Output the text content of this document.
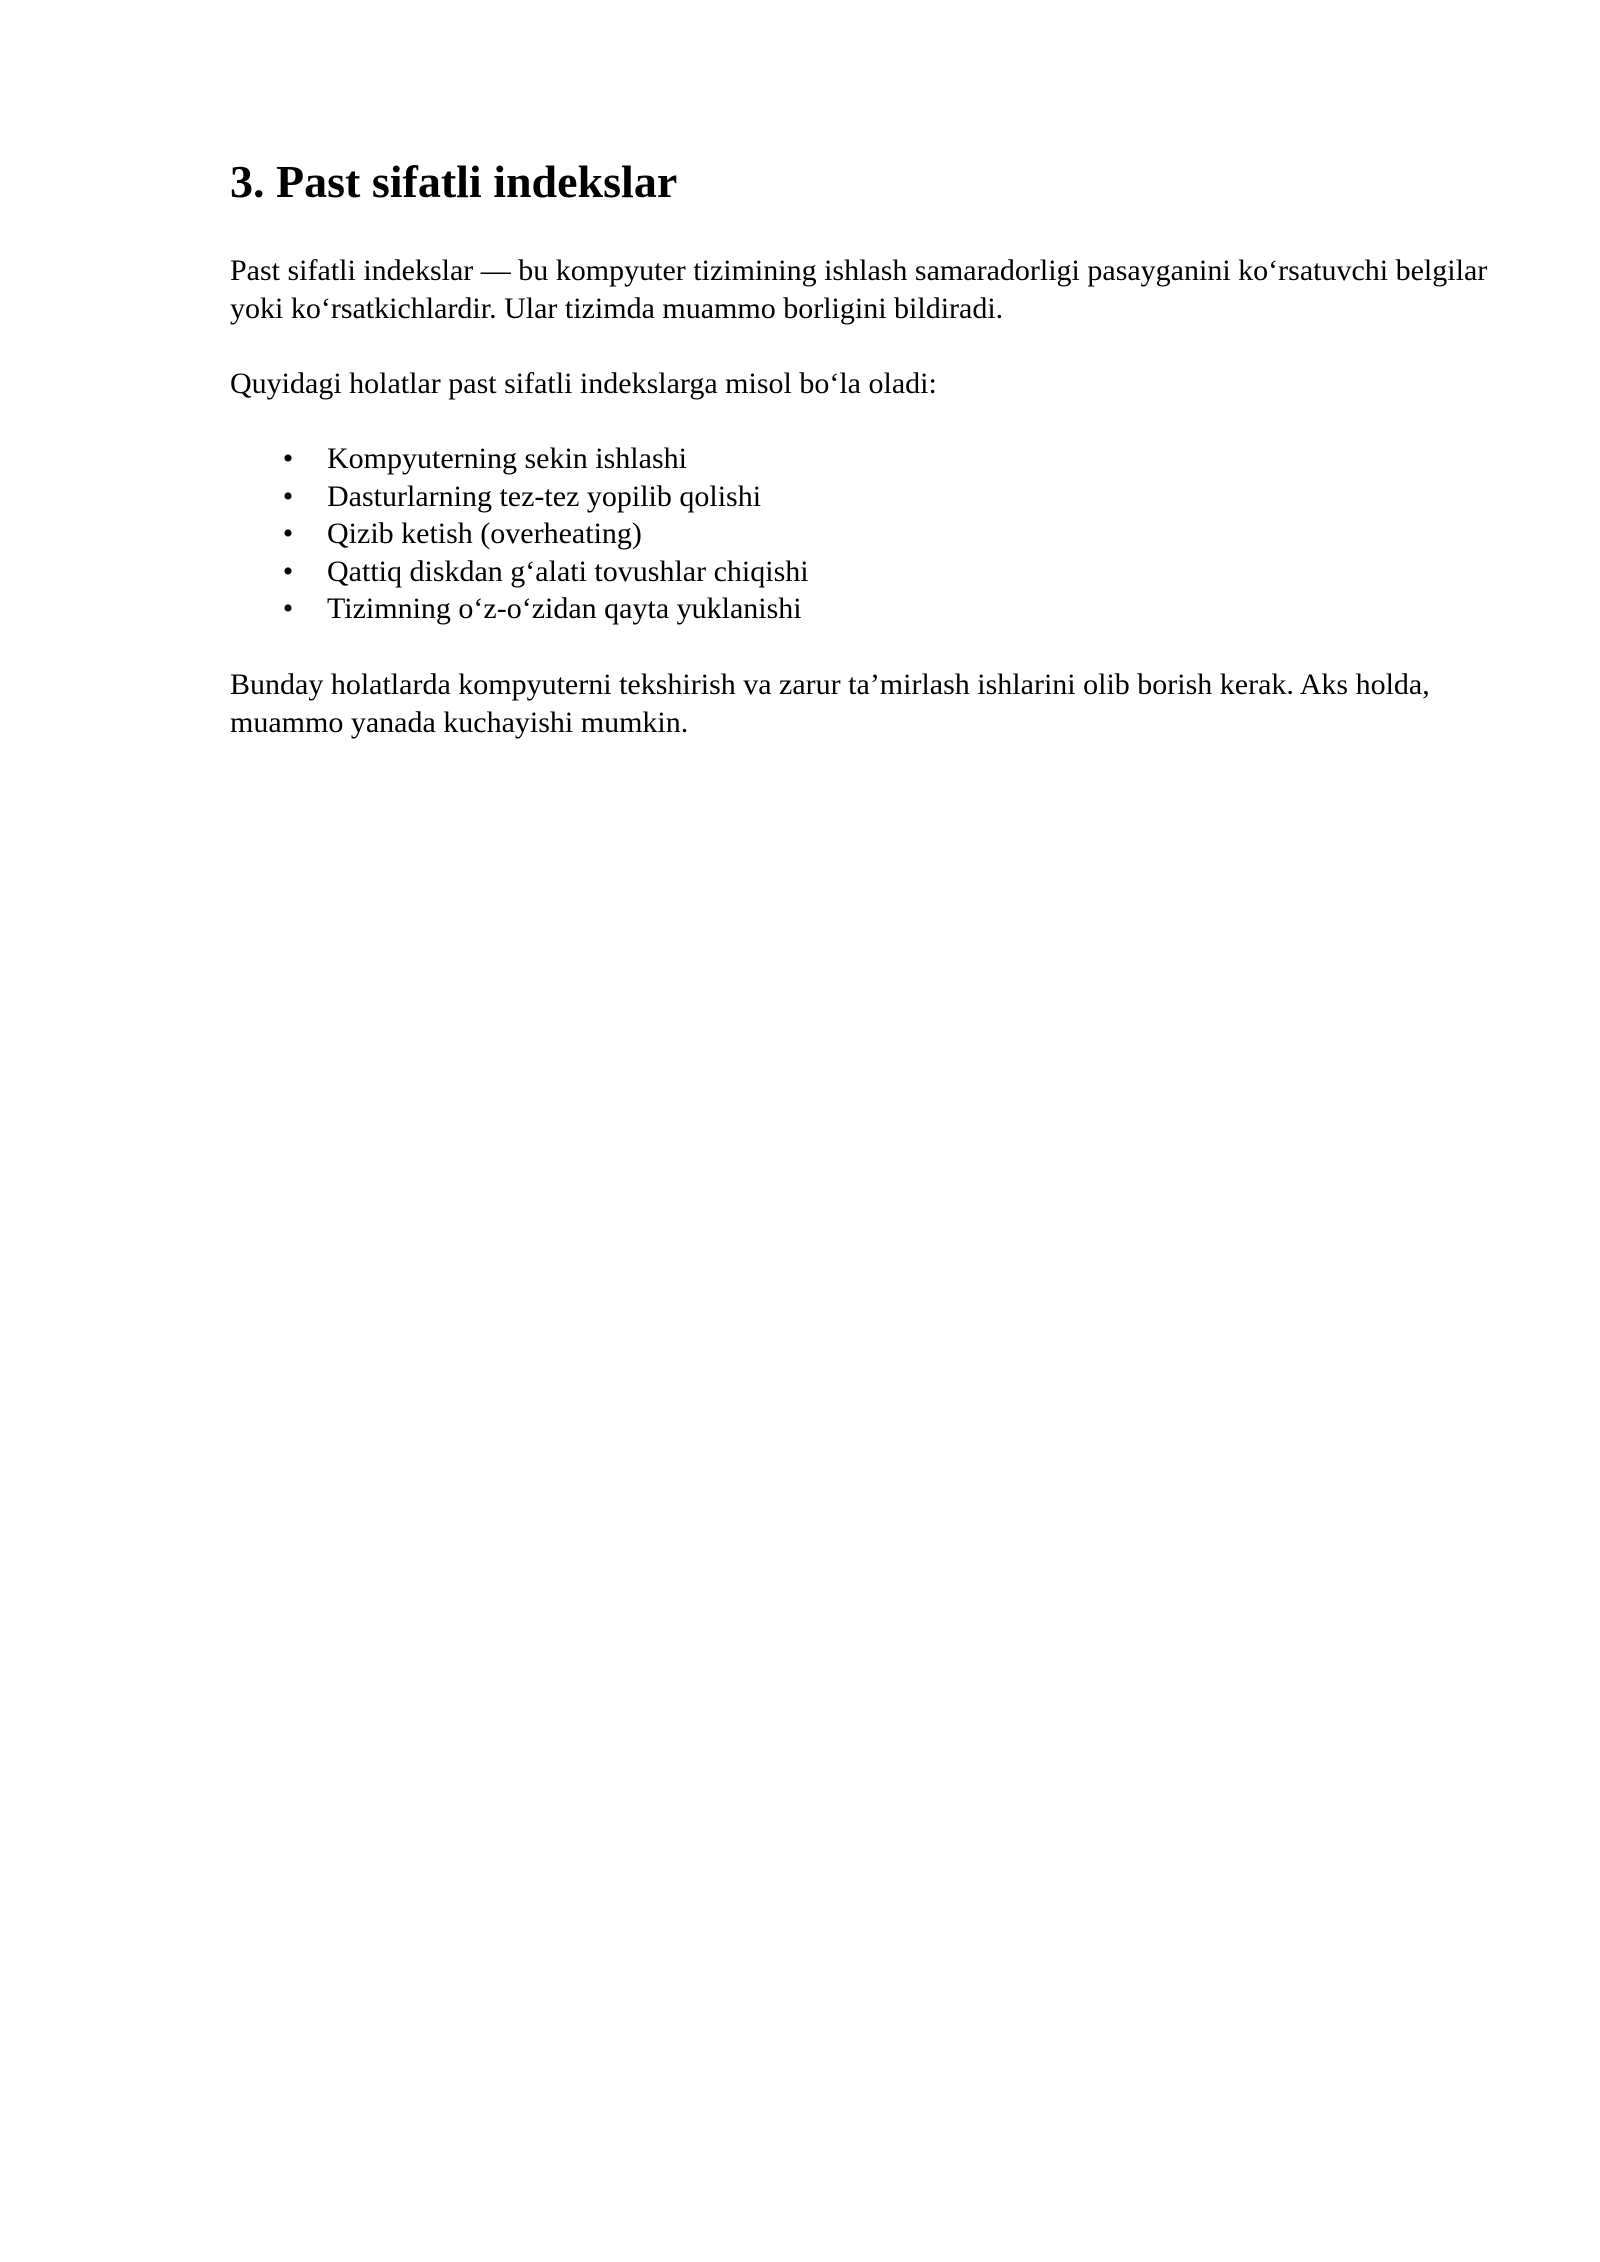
3. Past sifatli indekslar

Past sifatli indekslar — bu kompyuter tizimining ishlash samaradorligi pasayganini ko‘rsatuvchi belgilar yoki ko‘rsatkichlardir. Ular tizimda muammo borligini bildiradi.

Quyidagi holatlar past sifatli indekslarga misol bo‘la oladi:

• Kompyuterning sekin ishlashi
• Dasturlarning tez-tez yopilib qolishi
• Qizib ketish (overheating)
• Qattiq diskdan g‘alati tovushlar chiqishi
• Tizimning o‘z-o‘zidan qayta yuklanishi

Bunday holatlarda kompyuterni tekshirish va zarur ta’mirlash ishlarini olib borish kerak. Aks holda, muammo yanada kuchayishi mumkin.
